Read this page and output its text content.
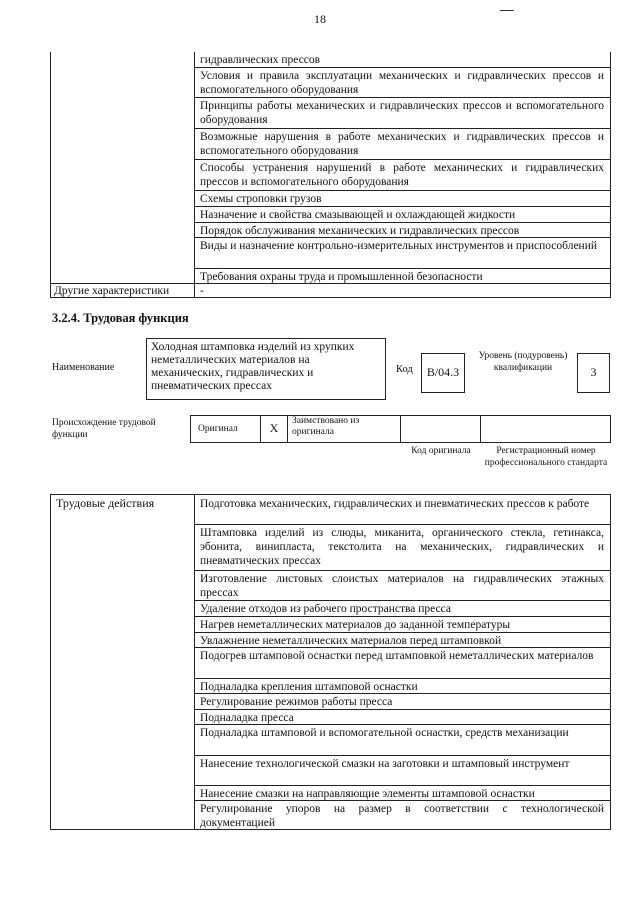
18
гидравлических прессов
Условия и правила эксплуатации механических и гидравлических прессов и вспомогательного оборудования
Принципы работы механических и гидравлических прессов и вспомогательного оборудования
Возможные нарушения в работе механических и гидравлических прессов и вспомогательного оборудования
Способы устранения нарушений в работе механических и гидравлических прессов и вспомогательного оборудования
Схемы строповки грузов
Назначение и свойства смазывающей и охлаждающей жидкости
Порядок обслуживания механических и гидравлических прессов
Виды и назначение контрольно-измерительных инструментов и приспособлений
Требования охраны труда и промышленной безопасности
Другие характеристики	-
3.2.4. Трудовая функция
Наименование
Холодная штамповка изделий из хрупких неметаллических материалов на механических, гидравлических и пневматических прессах
Код	В/04.3
Уровень (подуровень) квалификации	3
Происхождение трудовой функции
Оригинал	X	Заимствовано из оригинала
Код оригинала	Регистрационный номер профессионального стандарта
Трудовые действия	Подготовка механических, гидравлических и пневматических прессов к работе
Штамповка изделий из слюды, миканита, органического стекла, гетинакса, эбонита, винипласта, текстолита на механических, гидравлических и пневматических прессах
Изготовление листовых слоистых материалов на гидравлических этажных прессах
Удаление отходов из рабочего пространства пресса
Нагрев неметаллических материалов до заданной температуры
Увлажнение неметаллических материалов перед штамповкой
Подогрев штамповой оснастки перед штамповкой неметаллических материалов
Подналадка крепления штамповой оснастки
Регулирование режимов работы пресса
Подналадка пресса
Подналадка штамповой и вспомогательной оснастки, средств механизации
Нанесение технологической смазки на заготовки и штамповый инструмент
Нанесение смазки на направляющие элементы штамповой оснастки
Регулирование упоров на размер в соответствии с технологической документацией
